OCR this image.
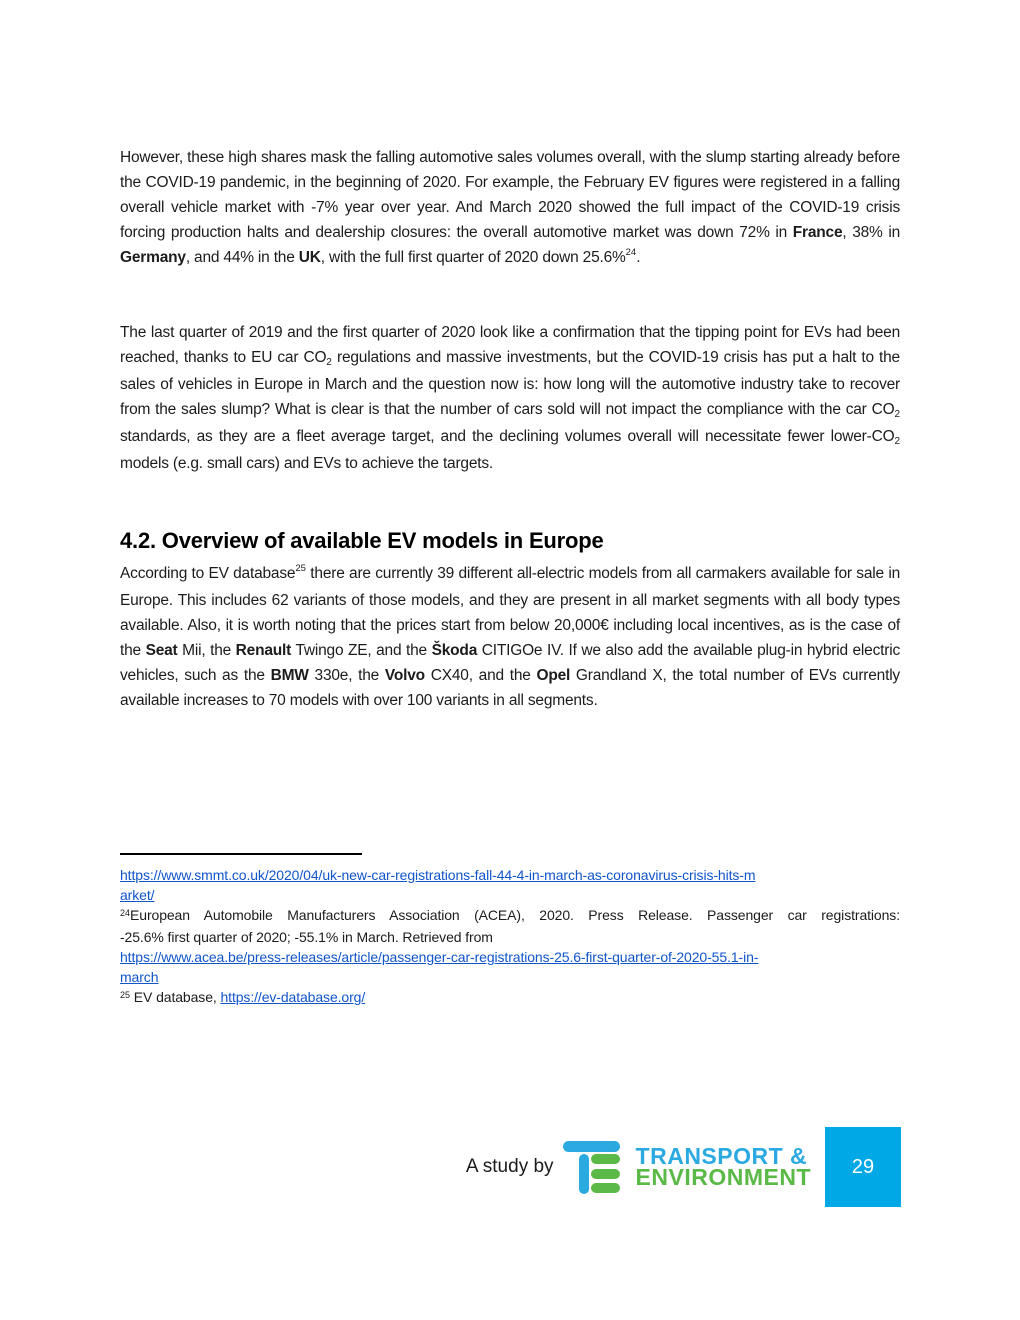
However, these high shares mask the falling automotive sales volumes overall, with the slump starting already before the COVID-19 pandemic, in the beginning of 2020. For example, the February EV figures were registered in a falling overall vehicle market with -7% year over year. And March 2020 showed the full impact of the COVID-19 crisis forcing production halts and dealership closures: the overall automotive market was down 72% in France, 38% in Germany, and 44% in the UK, with the full first quarter of 2020 down 25.6%$^{24}$.

The last quarter of 2019 and the first quarter of 2020 look like a confirmation that the tipping point for EVs had been reached, thanks to EU car CO2 regulations and massive investments, but the COVID-19 crisis has put a halt to the sales of vehicles in Europe in March and the question now is: how long will the automotive industry take to recover from the sales slump? What is clear is that the number of cars sold will not impact the compliance with the car CO2 standards, as they are a fleet average target, and the declining volumes overall will necessitate fewer lower-CO2 models (e.g. small cars) and EVs to achieve the targets.

4.2. Overview of available EV models in Europe

According to EV database$^{25}$ there are currently 39 different all-electric models from all carmakers available for sale in Europe. This includes 62 variants of those models, and they are present in all market segments with all body types available. Also, it is worth noting that the prices start from below 20,000€ including local incentives, as is the case of the Seat Mii, the Renault Twingo ZE, and the Škoda CITIGOe IV. If we also add the available plug-in hybrid electric vehicles, such as the BMW 330e, the Volvo CX40, and the Opel Grandland X, the total number of EVs currently available increases to 70 models with over 100 variants in all segments.

https://www.smmt.co.uk/2020/04/uk-new-car-registrations-fall-44-4-in-march-as-coronavirus-crisis-hits-m
arket/
$^{24}$European Automobile Manufacturers Association (ACEA), 2020. Press Release. Passenger car registrations:
-25.6% first quarter of 2020; -55.1% in March. Retrieved from
https://www.acea.be/press-releases/article/passenger-car-registrations-25.6-first-quarter-of-2020-55.1-in-
march
$^{25}$ EV database, https://ev-database.org/
A study by	TRANSPORT &
ENVIRONMENT 29
